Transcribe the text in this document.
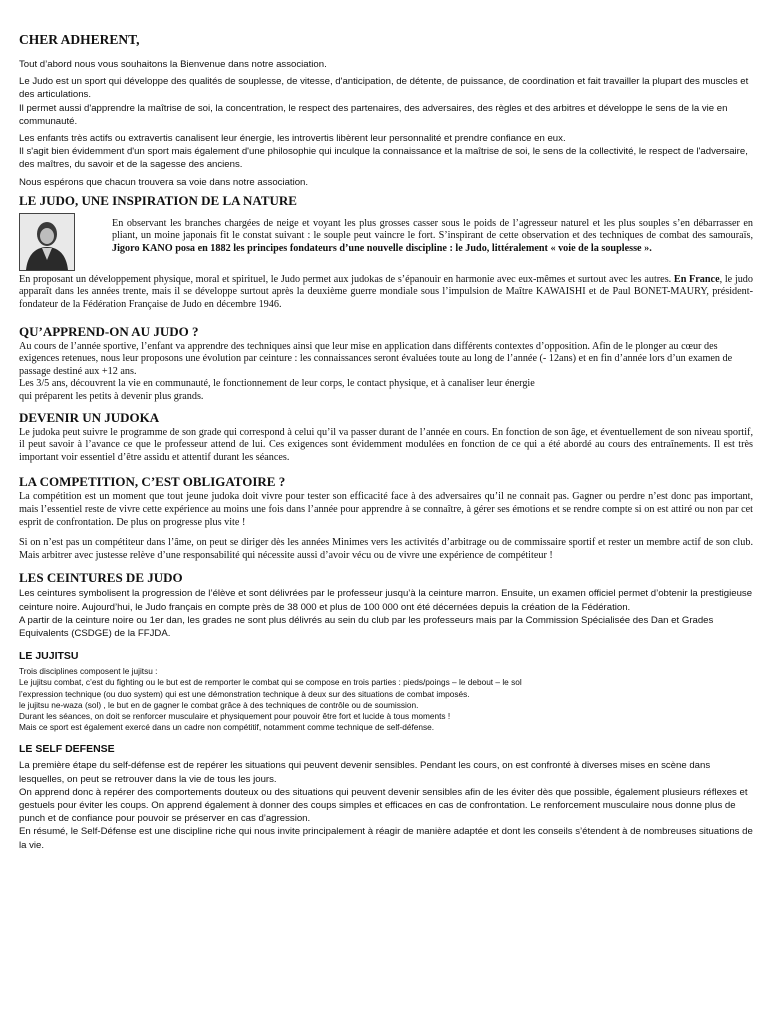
CHER ADHERENT,

Tout d’abord nous vous souhaitons la Bienvenue dans notre association.

Le Judo est un sport qui développe des qualités de souplesse, de vitesse, d'anticipation, de détente, de puissance, de coordination et fait travailler la plupart des muscles et des articulations.

Il permet aussi d'apprendre la maîtrise de soi, la concentration, le respect des partenaires, des adversaires, des règles et des arbitres et développe le sens de la vie en communauté.

Les enfants très actifs ou extravertis canalisent leur énergie, les introvertis libèrent leur personnalité et prendre confiance en eux.

Il s'agit bien évidemment d'un sport mais également d'une philosophie qui inculque la connaissance et la maîtrise de soi, le sens de la collectivité, le respect de l'adversaire, des maîtres, du savoir et de la sagesse des anciens.

Nous espérons que chacun trouvera sa voie dans notre association.

LE JUDO, UNE INSPIRATION DE LA NATURE

En observant les branches chargées de neige et voyant les plus grosses casser sous le poids de l’agresseur naturel et les plus souples s’en débarrasser en pliant, un moine japonais fit le constat suivant : le souple peut vaincre le fort. S’inspirant de cette observation et des techniques de combat des samouraïs, Jigoro KANO posa en 1882 les principes fondateurs d’une nouvelle discipline : le Judo, littéralement « voie de la souplesse ».

En proposant un développement physique, moral et spirituel, le Judo permet aux judokas de s’épanouir en harmonie avec eux-mêmes et surtout avec les autres. En France, le judo apparaît dans les années trente, mais il se développe surtout après la deuxième guerre mondiale sous l’impulsion de Maître KAWAISHI et de Paul BONET-MAURY, président-fondateur de la Fédération Française de Judo en décembre 1946.

QU’APPREND-ON AU JUDO ?

Au cours de l’année sportive, l’enfant va apprendre des techniques ainsi que leur mise en application dans différents contextes d’opposition. Afin de le plonger au cœur des exigences retenues, nous leur proposons une évolution par ceinture : les connaissances seront évaluées toute au long de l’année (- 12ans) et en fin d’année lors d’un examen de passage destiné aux +12 ans.

Les 3/5 ans, découvrent la vie en communauté, le fonctionnement de leur corps, le contact physique, et à canaliser leur énergie

qui préparent les petits à devenir plus grands.

DEVENIR UN JUDOKA

Le judoka peut suivre le programme de son grade qui correspond à celui qu’il va passer durant de l’année en cours. En fonction de son âge, et éventuellement de son niveau sportif, il peut savoir à l’avance ce que le professeur attend de lui. Ces exigences sont évidemment modulées en fonction de ce qui a été abordé au cours des entraînements. Il est très important voir essentiel d’être assidu et attentif durant les séances.

LA COMPETITION, C’EST OBLIGATOIRE ?

La compétition est un moment que tout jeune judoka doit vivre pour tester son efficacité face à des adversaires qu’il ne connait pas. Gagner ou perdre n’est donc pas important, mais l’essentiel reste de vivre cette expérience au moins une fois dans l’année pour apprendre à se connaître, à gérer ses émotions et se rendre compte si on est attiré ou non par cet esprit de confrontation. De plus on progresse plus vite !

Si on n’est pas un compétiteur dans l’âme, on peut se diriger dès les années Minimes vers les activités d’arbitrage ou de commissaire sportif et rester un membre actif de son club. Mais arbitrer avec justesse relève d’une responsabilité qui nécessite aussi d’avoir vécu ou de vivre une expérience de compétiteur !

LES CEINTURES DE JUDO

Les ceintures symbolisent la progression de l’élève et sont délivrées par le professeur jusqu’à la ceinture marron. Ensuite, un examen officiel permet d’obtenir la prestigieuse ceinture noire. Aujourd’hui, le Judo français en compte près de 38 000 et plus de 100 000 ont été décernées depuis la création de la Fédération.

A partir de la ceinture noire ou 1er dan, les grades ne sont plus délivrés au sein du club par les professeurs mais par la Commission Spécialisée des Dan et Grades Equivalents (CSDGE) de la FFJDA.

LE JUJITSU

Trois disciplines composent le jujitsu :

Le jujitsu combat, c’est du fighting ou le but est de remporter le combat qui se compose en trois parties : pieds/poings – le debout – le sol

l’expression technique (ou duo system) qui est une démonstration technique à deux sur des situations de combat imposés.

le jujitsu ne-waza (sol) , le but en de gagner le combat grâce à des techniques de contrôle ou de soumission.

Durant les séances, on doit se renforcer musculaire et physiquement pour pouvoir être fort et lucide à tous moments !

Mais ce sport est également exercé dans un cadre non compétitif, notamment comme technique de self-défense.

LE SELF DEFENSE

La première étape du self-défense est de repérer les situations qui peuvent devenir sensibles. Pendant les cours, on est confronté à diverses mises en scène dans lesquelles, on peut se retrouver dans la vie de tous les jours.

On apprend donc à repérer des comportements douteux ou des situations qui peuvent devenir sensibles afin de les éviter dès que possible, également plusieurs réflexes et gestuels pour éviter les coups. On apprend également à donner des coups simples et efficaces en cas de confrontation. Le renforcement musculaire nous donne plus de punch et de confiance pour pouvoir se préserver en cas d’agression.

En résumé, le Self-Défense est une discipline riche qui nous invite principalement à réagir de manière adaptée et dont les conseils s’étendent à de nombreuses situations de la vie.
